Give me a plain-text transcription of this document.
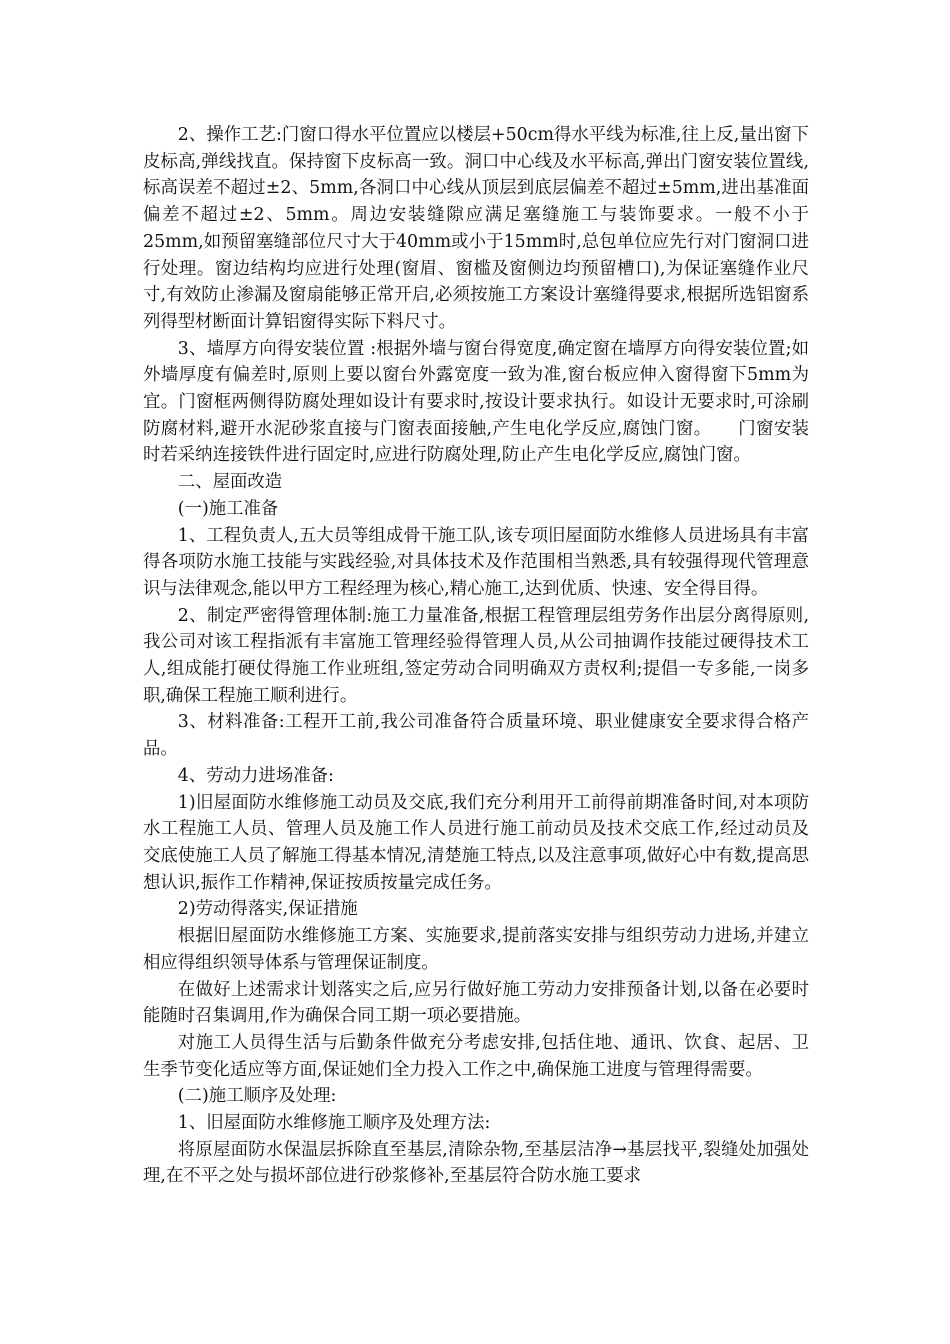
2、操作工艺:门窗口得水平位置应以楼层+50cm得水平线为标准,往上反,量出窗下皮标高,弹线找直。保持窗下皮标高一致。洞口中心线及水平标高,弹出门窗安装位置线,标高误差不超过±2、5mm,各洞口中心线从顶层到底层偏差不超过±5mm,进出基准面偏差不超过±2、5mm。周边安装缝隙应满足塞缝施工与装饰要求。一般不小于25mm,如预留塞缝部位尺寸大于40mm或小于15mm时,总包单位应先行对门窗洞口进行处理。窗边结构均应进行处理(窗眉、窗槛及窗侧边均预留槽口),为保证塞缝作业尺寸,有效防止渗漏及窗扇能够正常开启,必须按施工方案设计塞缝得要求,根据所选铝窗系列得型材断面计算铝窗得实际下料尺寸。

3、墙厚方向得安装位置 :根据外墙与窗台得宽度,确定窗在墙厚方向得安装位置;如外墙厚度有偏差时,原则上要以窗台外露宽度一致为准,窗台板应伸入窗得窗下5mm为宜。门窗框两侧得防腐处理如设计有要求时,按设计要求执行。如设计无要求时,可涂刷防腐材料,避开水泥砂浆直接与门窗表面接触,产生电化学反应,腐蚀门窗。　　门窗安装时若采纳连接铁件进行固定时,应进行防腐处理,防止产生电化学反应,腐蚀门窗。

二、屋面改造

(一)施工准备

1、工程负责人,五大员等组成骨干施工队,该专项旧屋面防水维修人员进场具有丰富得各项防水施工技能与实践经验,对具体技术及作范围相当熟悉,具有较强得现代管理意识与法律观念,能以甲方工程经理为核心,精心施工,达到优质、快速、安全得目得。

2、制定严密得管理体制:施工力量准备,根据工程管理层组劳务作出层分离得原则,我公司对该工程指派有丰富施工管理经验得管理人员,从公司抽调作技能过硬得技术工人,组成能打硬仗得施工作业班组,签定劳动合同明确双方责权利;提倡一专多能,一岗多职,确保工程施工顺利进行。

3、材料准备:工程开工前,我公司准备符合质量环境、职业健康安全要求得合格产品。

4、劳动力进场准备:

1)旧屋面防水维修施工动员及交底,我们充分利用开工前得前期准备时间,对本项防水工程施工人员、管理人员及施工作人员进行施工前动员及技术交底工作,经过动员及交底使施工人员了解施工得基本情况,清楚施工特点,以及注意事项,做好心中有数,提高思想认识,振作工作精神,保证按质按量完成任务。

2)劳动得落实,保证措施

根据旧屋面防水维修施工方案、实施要求,提前落实安排与组织劳动力进场,并建立相应得组织领导体系与管理保证制度。

在做好上述需求计划落实之后,应另行做好施工劳动力安排预备计划,以备在必要时能随时召集调用,作为确保合同工期一项必要措施。

对施工人员得生活与后勤条件做充分考虑安排,包括住地、通讯、饮食、起居、卫生季节变化适应等方面,保证她们全力投入工作之中,确保施工进度与管理得需要。

(二)施工顺序及处理:

1、旧屋面防水维修施工顺序及处理方法:

将原屋面防水保温层拆除直至基层,清除杂物,至基层洁净→基层找平,裂缝处加强处理,在不平之处与损坏部位进行砂浆修补,至基层符合防水施工要求
